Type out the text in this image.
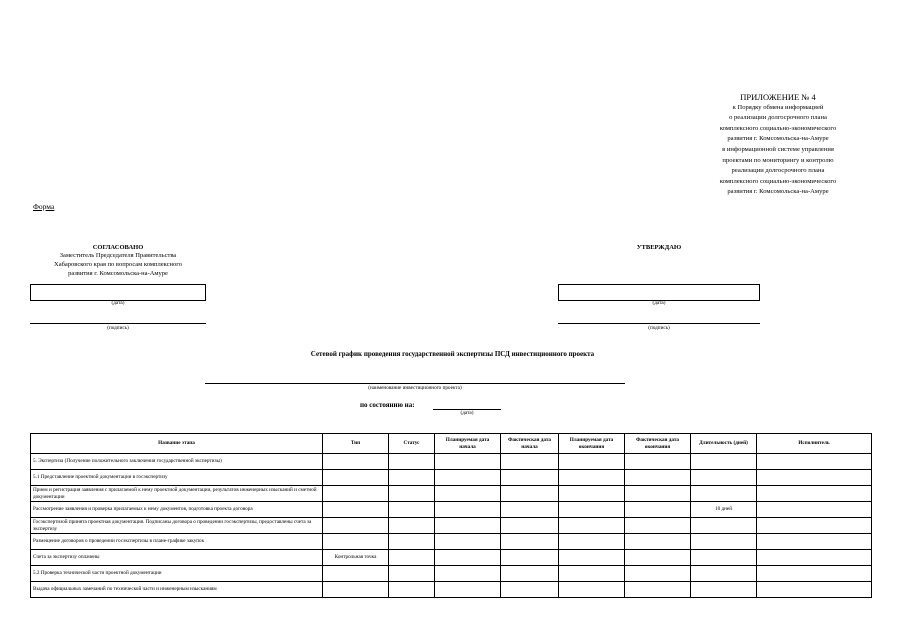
ПРИЛОЖЕНИЕ № 4
к Порядку обмена информацией
о реализации долгосрочного плана
комплексного социально-экономического
развития г. Комсомольска-на-Амуре
в информационной системе управления
проектами по мониторингу и контролю
реализации долгосрочного плана
комплексного социально-экономического
развития г. Комсомольска-на-Амуре
Форма
СОГЛАСОВАНО
Заместитель Председателя Правительства
Хабаровского края по вопросам комплексного
развития г. Комсомольска-на-Амуре
(дата)
(подпись)
УТВЕРЖДАЮ
(дата)
(подпись)
Сетевой график проведения государственной экспертизы ПСД инвестиционного проекта
(наименование инвестиционного проекта)
по состоянию на:
(дата)
Название этапа	Тип	Статус	Планируемая дата начала	Фактическая дата начала	Планируемая дата окончания	Фактическая дата окончания	Длительность (дней)	Исполнитель
5. Экспертиза (Получение положительного заключения государственной экспертизы)								
5.1 Представление проектной документации в госэкспертизу								
Прием и регистрация заявления с прилагаемой к нему проектной документации, результатов инженерных изысканий и сметной документации								
Рассмотрение заявления и проверка прилагаемых к нему документов, подготовка проекта договора							10 дней	
Госэкспертизой принята проектная документация. Подписаны договора о проведении госэкспертизы, предоставлены счета за экспертизу								
Размещение договоров о проведении госэкспертизы в плане-графике закупок								
Счета за экспертизу оплачены	Контрольная точка							
5.2 Проверка технической части проектной документации								
Выдача официальных замечаний по технической части и инженерным изысканиям								
